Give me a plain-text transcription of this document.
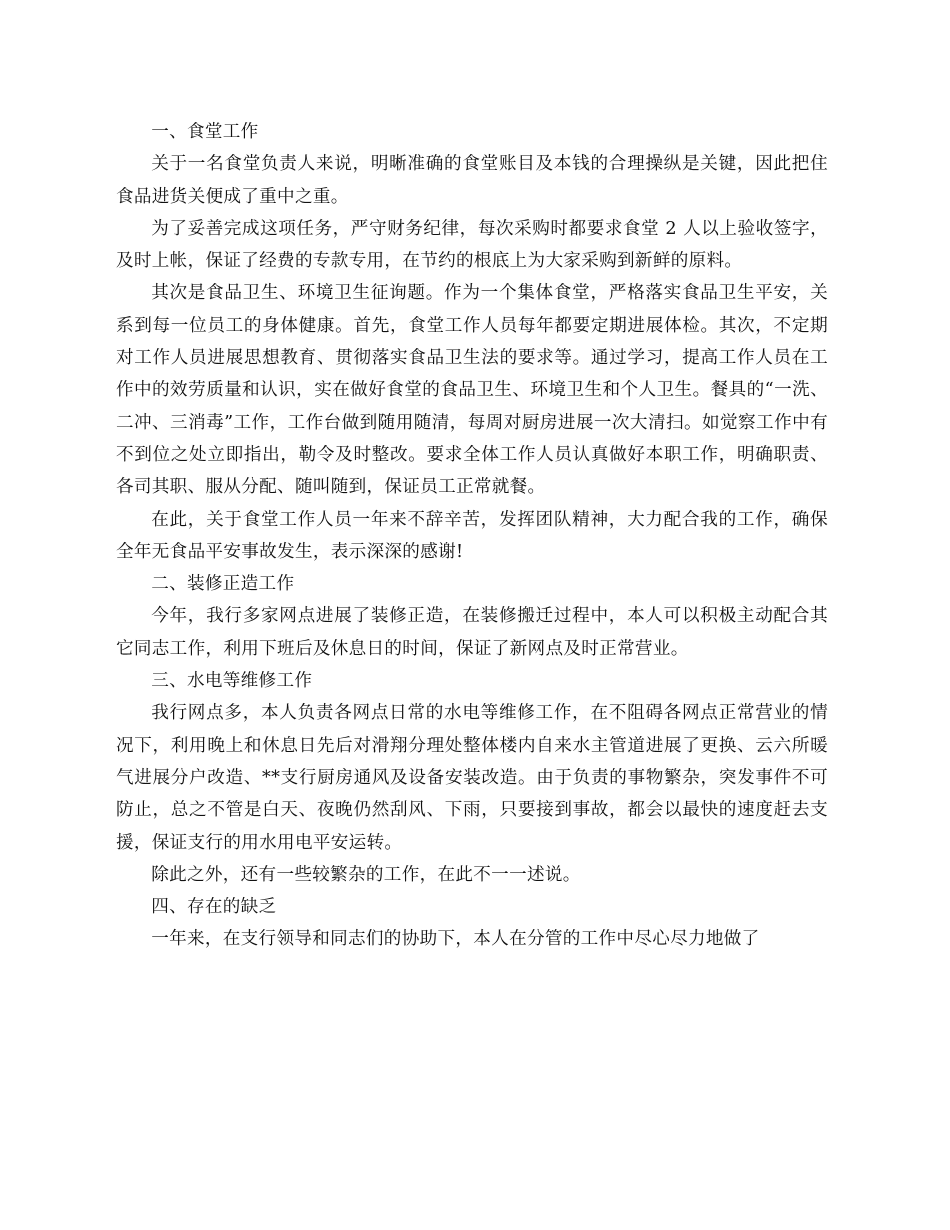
一、食堂工作

关于一名食堂负责人来说，明晰准确的食堂账目及本钱的合理操纵是关键，因此把住食品进货关便成了重中之重。

为了妥善完成这项任务，严守财务纪律，每次采购时都要求食堂 2 人以上验收签字，及时上帐，保证了经费的专款专用，在节约的根底上为大家采购到新鲜的原料。

其次是食品卫生、环境卫生征询题。作为一个集体食堂，严格落实食品卫生平安，关系到每一位员工的身体健康。首先，食堂工作人员每年都要定期进展体检。其次，不定期对工作人员进展思想教育、贯彻落实食品卫生法的要求等。通过学习，提高工作人员在工作中的效劳质量和认识，实在做好食堂的食品卫生、环境卫生和个人卫生。餐具的“一洗、二冲、三消毒”工作，工作台做到随用随清，每周对厨房进展一次大清扫。如觉察工作中有不到位之处立即指出，勒令及时整改。要求全体工作人员认真做好本职工作，明确职责、各司其职、服从分配、随叫随到，保证员工正常就餐。

在此，关于食堂工作人员一年来不辞辛苦，发挥团队精神，大力配合我的工作，确保全年无食品平安事故发生，表示深深的感谢!

二、装修正造工作

今年，我行多家网点进展了装修正造，在装修搬迁过程中，本人可以积极主动配合其它同志工作，利用下班后及休息日的时间，保证了新网点及时正常营业。

三、水电等维修工作

我行网点多，本人负责各网点日常的水电等维修工作，在不阻碍各网点正常营业的情况下，利用晚上和休息日先后对滑翔分理处整体楼内自来水主管道进展了更换、云六所暖气进展分户改造、**支行厨房通风及设备安装改造。由于负责的事物繁杂，突发事件不可防止，总之不管是白天、夜晚仍然刮风、下雨，只要接到事故，都会以最快的速度赶去支援，保证支行的用水用电平安运转。

除此之外，还有一些较繁杂的工作，在此不一一述说。

四、存在的缺乏

一年来，在支行领导和同志们的协助下，本人在分管的工作中尽心尽力地做了
